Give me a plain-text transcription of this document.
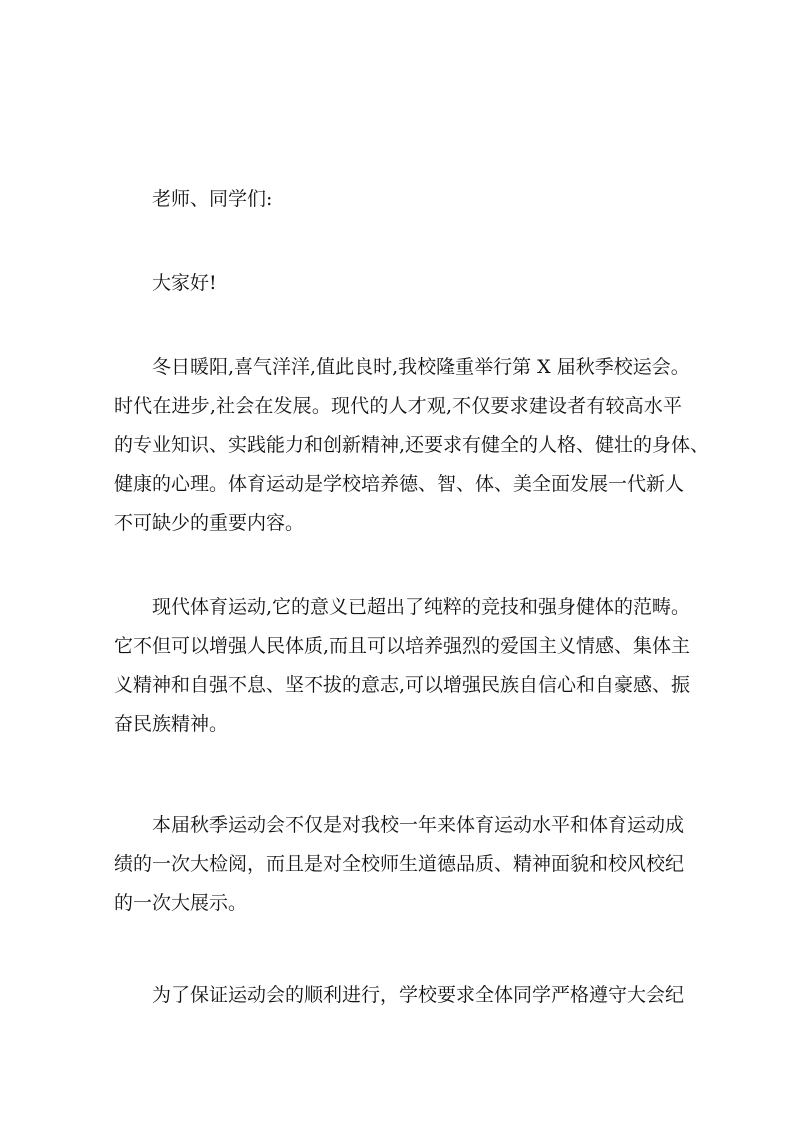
老师、同学们:
大家好!
冬日暖阳,喜气洋洋,值此良时,我校隆重举行第 X 届秋季校运会。
时代在进步,社会在发展。现代的人才观,不仅要求建设者有较高水平
的专业知识、实践能力和创新精神,还要求有健全的人格、健壮的身体、
健康的心理。体育运动是学校培养德、智、体、美全面发展一代新人
不可缺少的重要内容。
现代体育运动,它的意义已超出了纯粹的竞技和强身健体的范畴。
它不但可以增强人民体质,而且可以培养强烈的爱国主义情感、集体主
义精神和自强不息、坚不拔的意志,可以增强民族自信心和自豪感、振
奋民族精神。
本届秋季运动会不仅是对我校一年来体育运动水平和体育运动成
绩的一次大检阅，而且是对全校师生道德品质、精神面貌和校风校纪
的一次大展示。
为了保证运动会的顺利进行，学校要求全体同学严格遵守大会纪
